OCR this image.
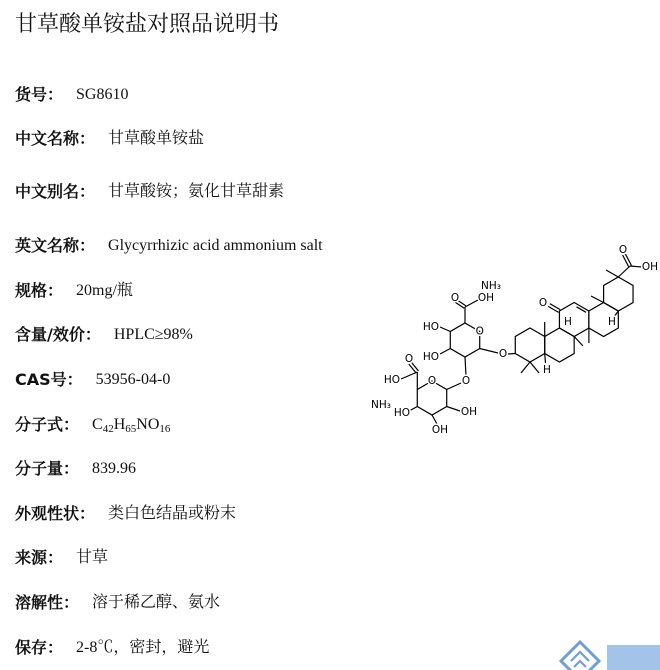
甘草酸单铵盐对照品说明书
货号： SG8610
中文名称： 甘草酸单铵盐
中文别名： 甘草酸铵；氨化甘草甜素
英文名称： Glycyrrhizic acid ammonium salt
规格： 20mg/瓶
含量/效价： HPLC≥98%
CAS号： 53956-04-0
分子式： $C_{42}H_{65}NO_{16}$
分子量： 839.96
外观性状： 类白色结晶或粉末
来源： 甘草
溶解性： 溶于稀乙醇、氨水
保存： 2-8℃，密封，避光
NH₃
O OH
HO	O
HO	O
O
HO	O O
NH₃
HO
OH
OH
O
O
OH
H
H	H
